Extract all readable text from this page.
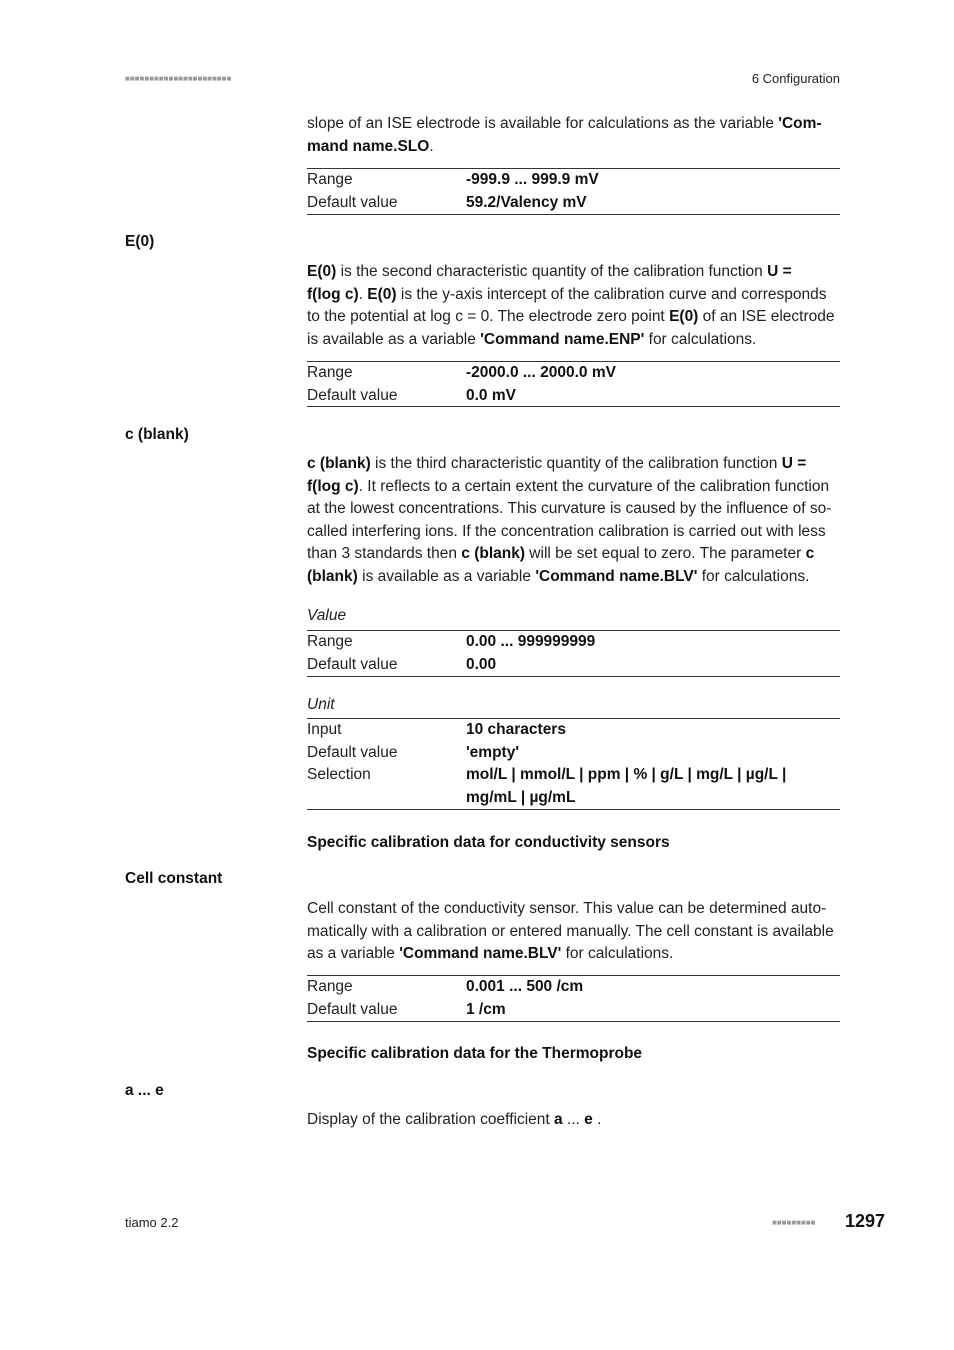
■■■■■■■■■■■■■■■■■■■■■■	6 Configuration
slope of an ISE electrode is available for calculations as the variable 'Com-
mand name.SLO.
Range	-999.9 ... 999.9 mV
Default value	59.2/Valency mV
E(0)
E(0) is the second characteristic quantity of the calibration function U =
f(log c). E(0) is the y-axis intercept of the calibration curve and corresponds
to the potential at log c = 0. The electrode zero point E(0) of an ISE electrode
is available as a variable 'Command name.ENP' for calculations.
Range	-2000.0 ... 2000.0 mV
Default value	0.0 mV
c (blank)
c (blank) is the third characteristic quantity of the calibration function U =
f(log c). It reflects to a certain extent the curvature of the calibration function
at the lowest concentrations. This curvature is caused by the influence of so-
called interfering ions. If the concentration calibration is carried out with less
than 3 standards then c (blank) will be set equal to zero. The parameter c
(blank) is available as a variable 'Command name.BLV' for calculations.
Value
Range	0.00 ... 999999999
Default value	0.00
Unit
Input	10 characters
Default value	'empty'
Selection	mol/L | mmol/L | ppm | % | g/L | mg/L | µg/L |
mg/mL | µg/mL
Specific calibration data for conductivity sensors
Cell constant
Cell constant of the conductivity sensor. This value can be determined auto-
matically with a calibration or entered manually. The cell constant is available
as a variable 'Command name.BLV' for calculations.
Range	0.001 ... 500 /cm
Default value	1 /cm
Specific calibration data for the Thermoprobe
a ... e
Display of the calibration coefficient a ... e .
tiamo 2.2	■■■■■■■■■ 1297
